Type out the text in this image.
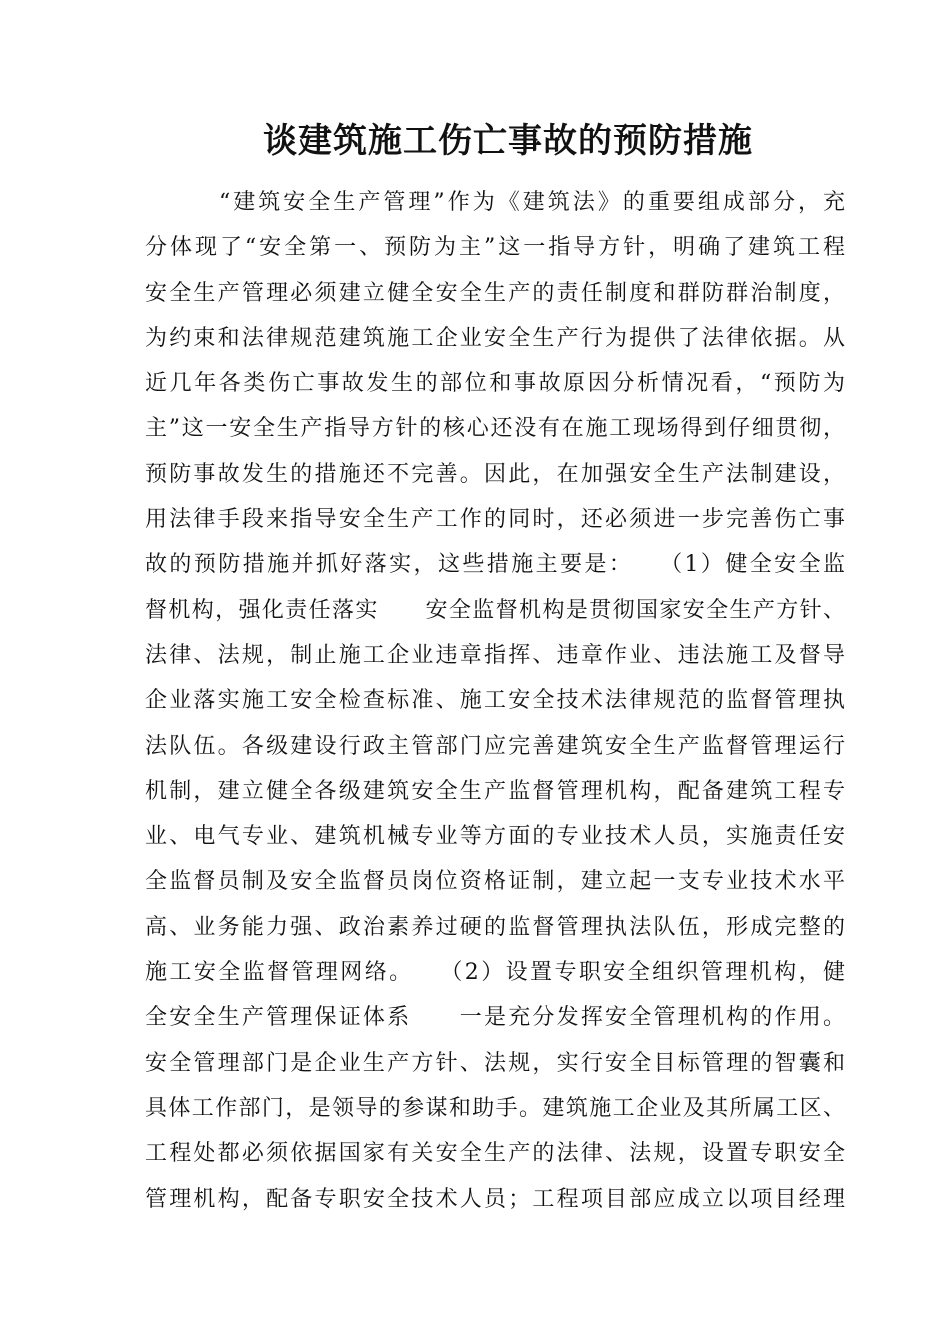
谈建筑施工伤亡事故的预防措施
“建筑安全生产管理”作为《建筑法》的重要组成部分，充
分体现了“安全第一、预防为主”这一指导方针，明确了建筑工程
安全生产管理必须建立健全安全生产的责任制度和群防群治制度，
为约束和法律规范建筑施工企业安全生产行为提供了法律依据。从
近几年各类伤亡事故发生的部位和事故原因分析情况看，“预防为
主”这一安全生产指导方针的核心还没有在施工现场得到仔细贯彻，
预防事故发生的措施还不完善。因此，在加强安全生产法制建设，
用法律手段来指导安全生产工作的同时，还必须进一步完善伤亡事
故的预防措施并抓好落实，这些措施主要是：　　（1）健全安全监
督机构，强化责任落实　　安全监督机构是贯彻国家安全生产方针、
法律、法规，制止施工企业违章指挥、违章作业、违法施工及督导
企业落实施工安全检查标准、施工安全技术法律规范的监督管理执
法队伍。各级建设行政主管部门应完善建筑安全生产监督管理运行
机制，建立健全各级建筑安全生产监督管理机构，配备建筑工程专
业、电气专业、建筑机械专业等方面的专业技术人员，实施责任安
全监督员制及安全监督员岗位资格证制，建立起一支专业技术水平
高、业务能力强、政治素养过硬的监督管理执法队伍，形成完整的
施工安全监督管理网络。　　（2）设置专职安全组织管理机构，健
全安全生产管理保证体系　　一是充分发挥安全管理机构的作用。
安全管理部门是企业生产方针、法规，实行安全目标管理的智囊和
具体工作部门，是领导的参谋和助手。建筑施工企业及其所属工区、
工程处都必须依据国家有关安全生产的法律、法规，设置专职安全
管理机构，配备专职安全技术人员；工程项目部应成立以项目经理
